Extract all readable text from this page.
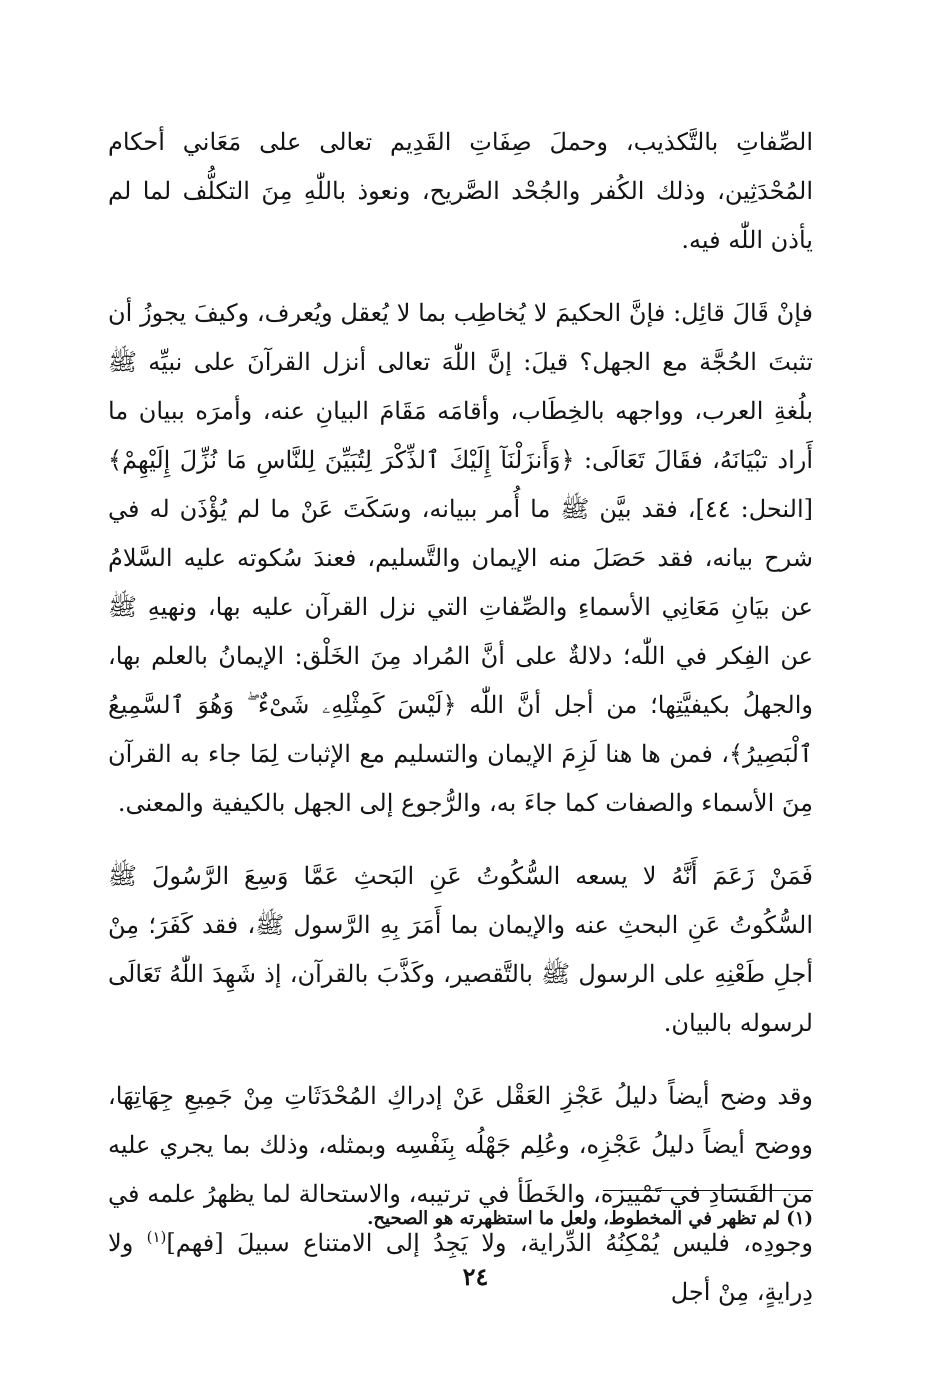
الصِّفاتِ بالتَّكذيب، وحملَ صِفَاتِ القَدِيم تعالى على مَعَاني أحكام المُحْدَثِين، وذلك الكُفر والجُحْد الصَّريح، ونعوذ باللّٰهِ مِنَ التكلُّف لما لم يأذن اللّٰه فيه.

فإنْ قَالَ قائِل: فإنَّ الحكيمَ لا يُخاطِب بما لا يُعقل ويُعرف، وكيفَ يجوزُ أن تثبتَ الحُجَّة مع الجهل؟ قيلَ: إنَّ اللّٰهَ تعالى أنزل القرآنَ على نبيِّه ﷺ بلُغةِ العرب، وواجهه بالخِطَاب، وأقامَه مَقَامَ البيانِ عنه، وأمرَه ببيان ما أَراد تبْيَانَهُ، فقَالَ تَعَالَى: ﴿وَأَنزَلْنَآ إِلَيْكَ ٱلذِّكْرَ لِتُبَيِّنَ لِلنَّاسِ مَا نُزِّلَ إِلَيْهِمْ﴾ [النحل: ٤٤]، فقد بيَّن ﷺ ما أُمر ببيانه، وسَكَتَ عَنْ ما لم يُؤْذَن له في شرح بيانه، فقد حَصَلَ منه الإيمان والتَّسليم، فعندَ سُكوته عليه السَّلامُ عن بيَانِ مَعَانِي الأسماءِ والصِّفاتِ التي نزل القرآن عليه بها، ونهيهِ ﷺ عن الفِكر في اللّٰه؛ دلالةٌ على أنَّ المُراد مِنَ الخَلْق: الإيمانُ بالعلم بها، والجهلُ بكيفيَّتِها؛ من أجل أنَّ اللّٰه ﴿لَيْسَ كَمِثْلِهِۦ شَىْءٌ ۖ وَهُوَ ٱلسَّمِيعُ ٱلْبَصِيرُ﴾، فمن ها هنا لَزِمَ الإيمان والتسليم مع الإثبات لِمَا جاء به القرآن مِنَ الأسماء والصفات كما جاءَ به، والرُّجوع إلى الجهل بالكيفية والمعنى.

فَمَنْ زَعَمَ أَنَّهُ لا يسعه السُّكُوتُ عَنِ البَحثِ عَمَّا وَسِعَ الرَّسُولَ ﷺ السُّكُوتُ عَنِ البحثِ عنه والإيمان بما أَمَرَ بِهِ الرَّسول ﷺ، فقد كَفَرَ؛ مِنْ أجلِ طَعْنِهِ على الرسول ﷺ بالتَّقصير، وكَذَّبَ بالقرآن، إذ شَهِدَ اللّٰهُ تَعَالَى لرسوله بالبيان.

وقد وضح أيضاً دليلُ عَجْزِ العَقْل عَنْ إدراكِ المُحْدَثَاتِ مِنْ جَمِيعِ جِهَاتِهَا، ووضح أيضاً دليلُ عَجْزِه، وعُلِم جَهْلُه بِنَفْسِه وبمثله، وذلك بما يجري عليه من الفَسَادِ في تَمْييزه، والخَطَأ في ترتيبه، والاستحالة لما يظهرُ علمه في وجودِه، فليس يُمْكِنُهُ الدِّراية، ولا يَجِدُ إلى الامتناع سبيلَ [فهم]$^{(١)}$ ولا دِرايةٍ، مِنْ أجل

(١) لم تظهر في المخطوط، ولعل ما استظهرته هو الصحيح.
٢٤
